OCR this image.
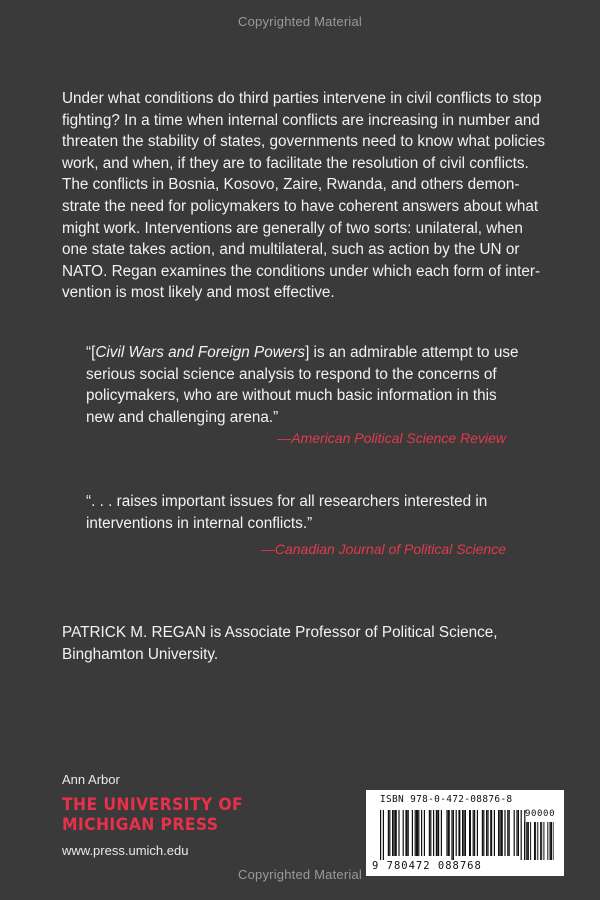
Copyrighted Material
Under what conditions do third parties intervene in civil conflicts to stop
fighting? In a time when internal conflicts are increasing in number and
threaten the stability of states, governments need to know what policies
work, and when, if they are to facilitate the resolution of civil conflicts.
The conflicts in Bosnia, Kosovo, Zaire, Rwanda, and others demon-
strate the need for policymakers to have coherent answers about what
might work. Interventions are generally of two sorts: unilateral, when
one state takes action, and multilateral, such as action by the UN or
NATO. Regan examines the conditions under which each form of inter-
vention is most likely and most effective.
“[Civil Wars and Foreign Powers] is an admirable attempt to use
serious social science analysis to respond to the concerns of
policymakers, who are without much basic information in this
new and challenging arena.”
—American Political Science Review
“. . . raises important issues for all researchers interested in
interventions in internal conflicts.”
—Canadian Journal of Political Science
PATRICK M. REGAN is Associate Professor of Political Science,
Binghamton University.
Ann Arbor
THE UNIVERSITY OF
MICHIGAN PRESS
www.press.umich.edu
ISBN 978-0-472-08876-8
90000
9 780472 088768
Copyrighted Material
